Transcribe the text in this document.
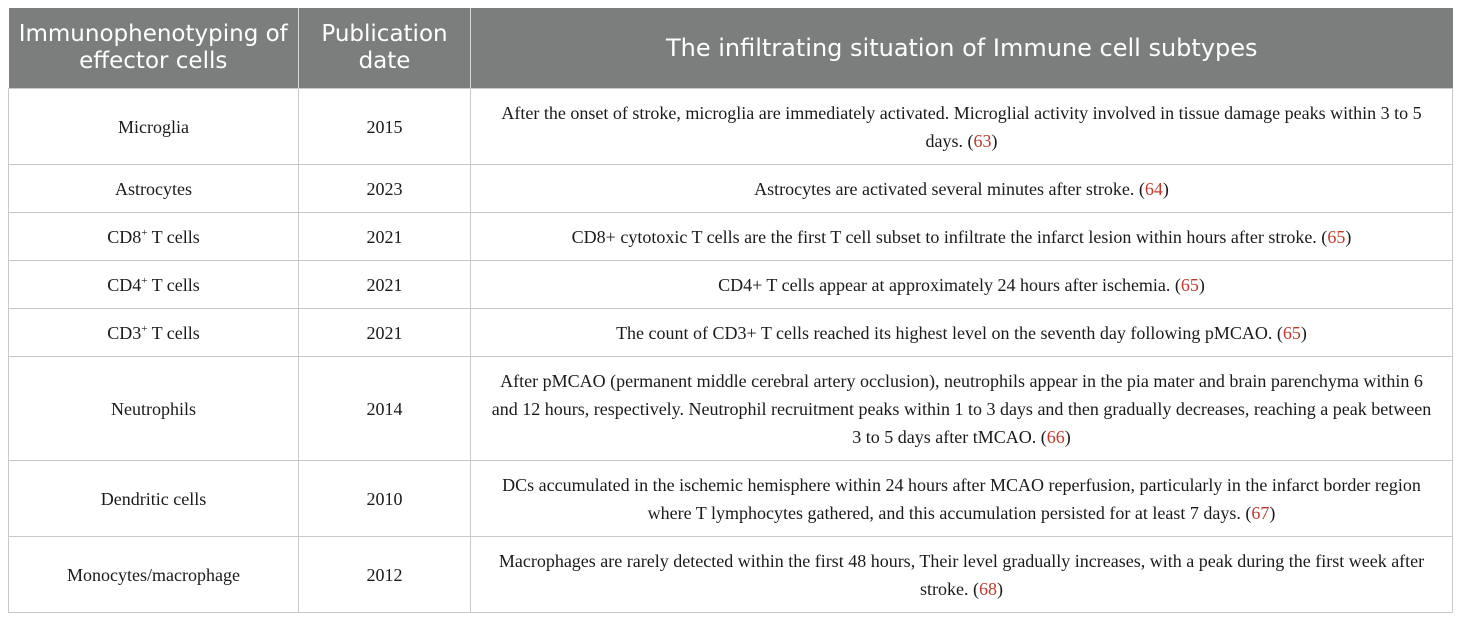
Immunophenotyping of effector cells	Publication date	The infiltrating situation of Immune cell subtypes
Microglia	2015	After the onset of stroke, microglia are immediately activated. Microglial activity involved in tissue damage peaks within 3 to 5 days. (63)
Astrocytes	2023	Astrocytes are activated several minutes after stroke. (64)
CD8+ T cells	2021	CD8+ cytotoxic T cells are the first T cell subset to infiltrate the infarct lesion within hours after stroke. (65)
CD4+ T cells	2021	CD4+ T cells appear at approximately 24 hours after ischemia. (65)
CD3+ T cells	2021	The count of CD3+ T cells reached its highest level on the seventh day following pMCAO. (65)
Neutrophils	2014	After pMCAO (permanent middle cerebral artery occlusion), neutrophils appear in the pia mater and brain parenchyma within 6 and 12 hours, respectively. Neutrophil recruitment peaks within 1 to 3 days and then gradually decreases, reaching a peak between 3 to 5 days after tMCAO. (66)
Dendritic cells	2010	DCs accumulated in the ischemic hemisphere within 24 hours after MCAO reperfusion, particularly in the infarct border region where T lymphocytes gathered, and this accumulation persisted for at least 7 days. (67)
Monocytes/macrophage	2012	Macrophages are rarely detected within the first 48 hours, Their level gradually increases, with a peak during the first week after stroke. (68)
